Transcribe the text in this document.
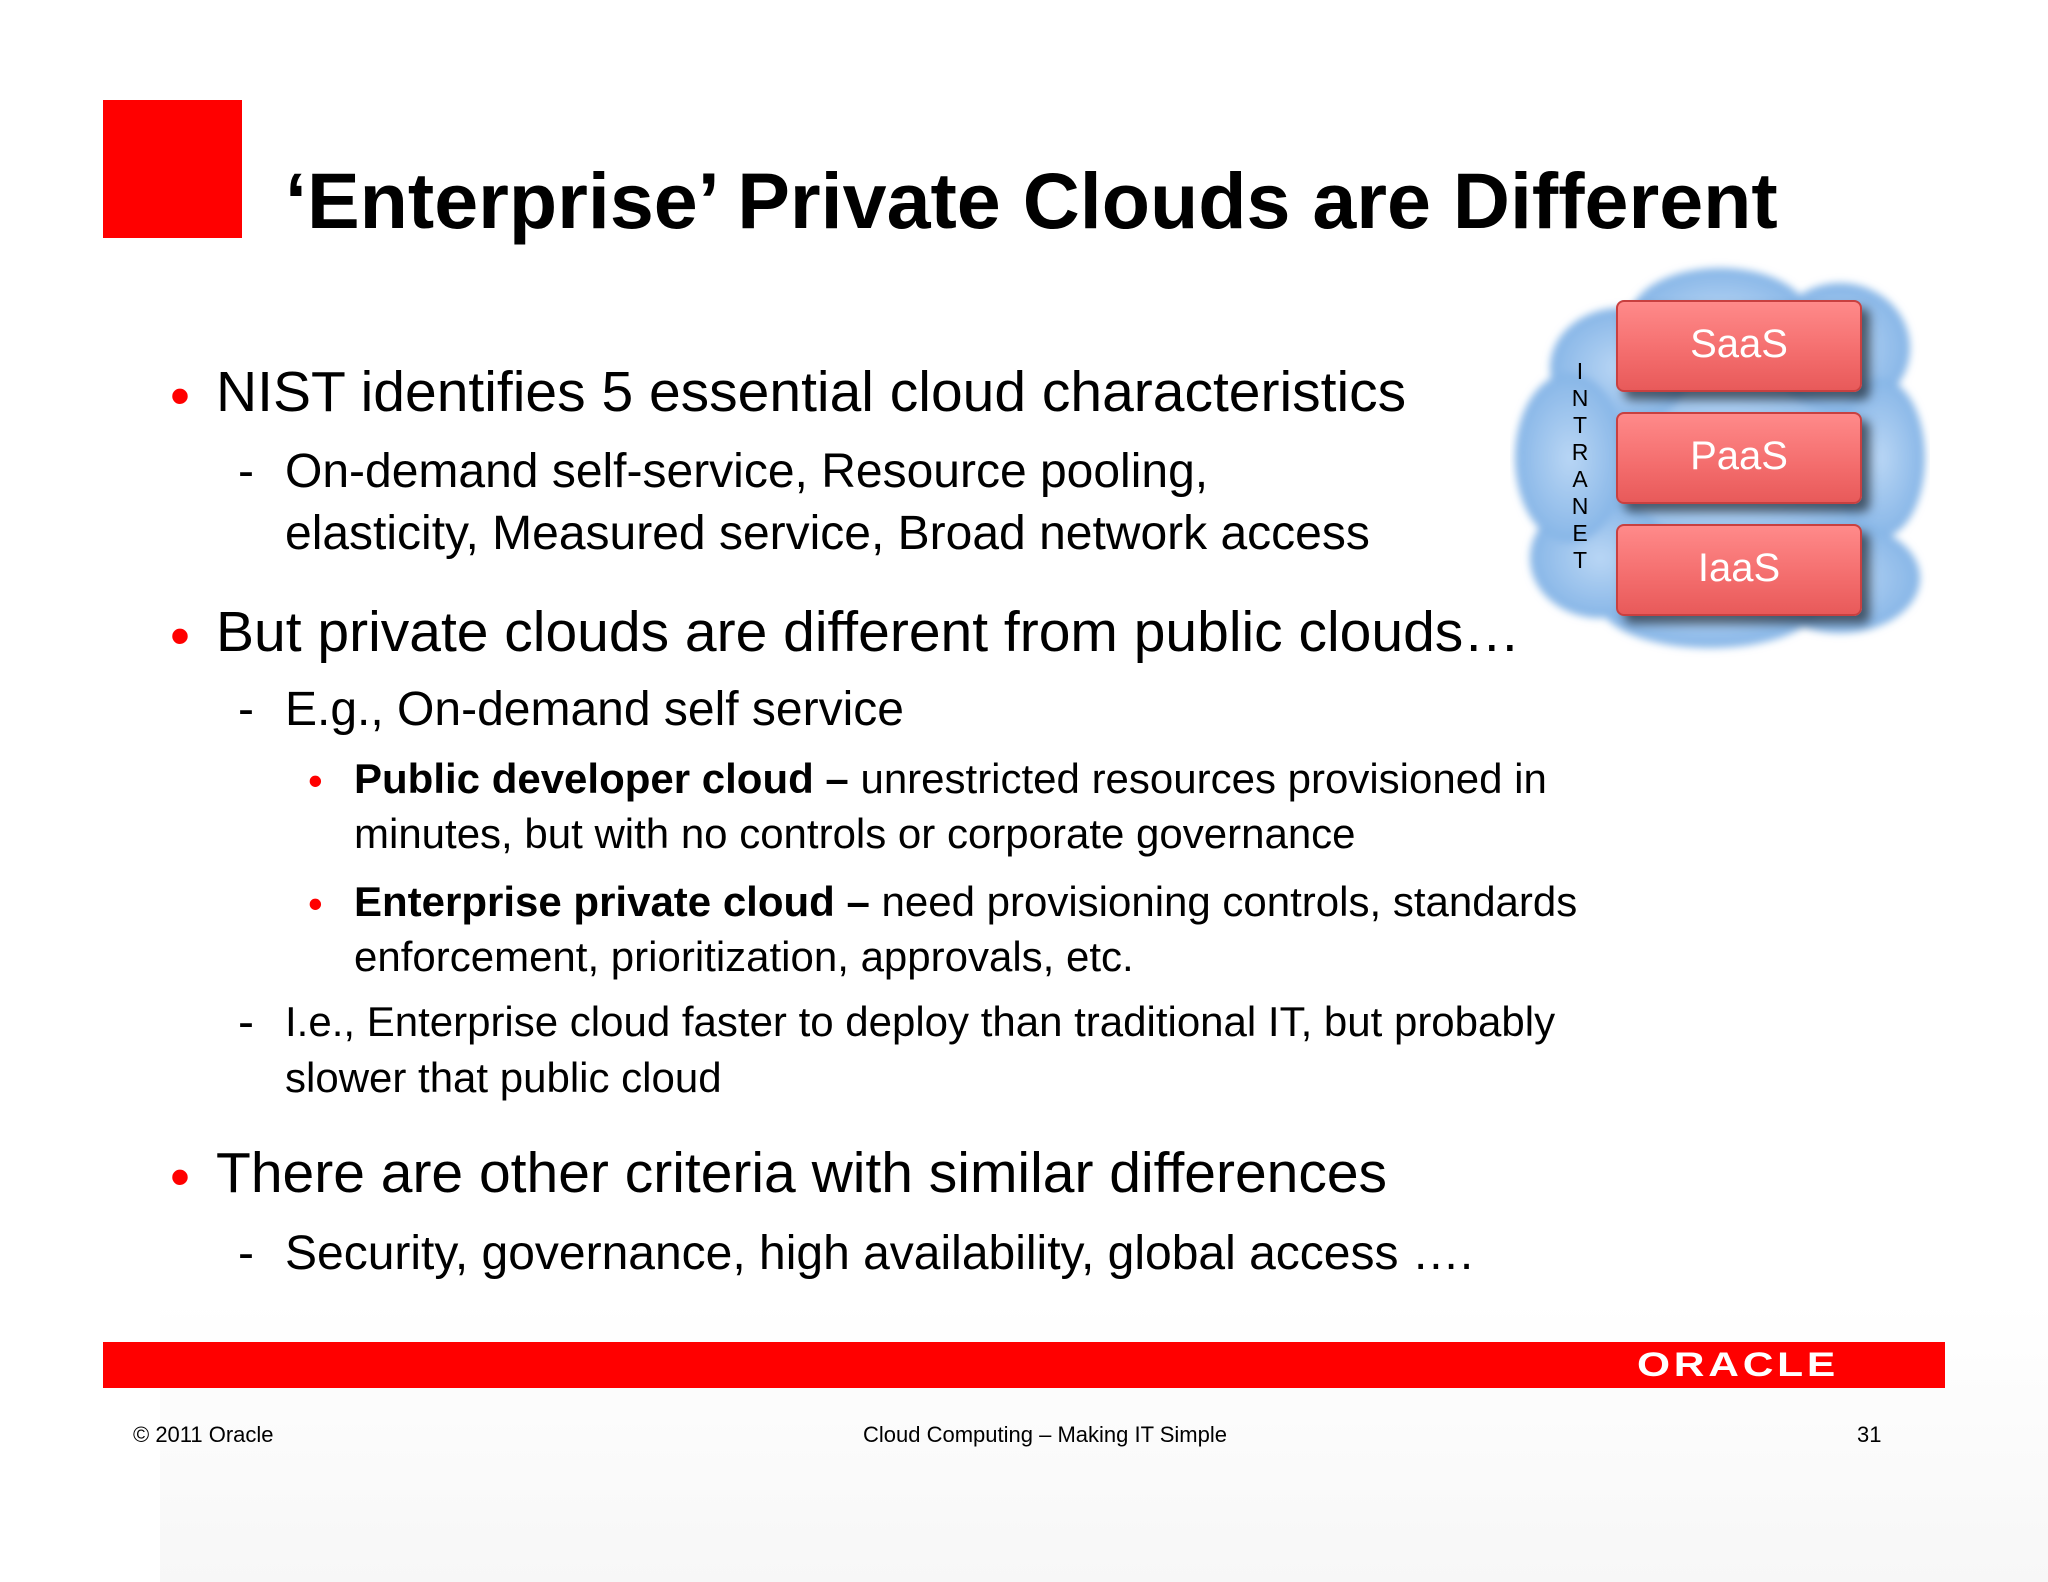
‘Enterprise’ Private Clouds are Different
• NIST identifies 5 essential cloud characteristics
- On-demand self-service, Resource pooling,
elasticity, Measured service, Broad network access
• But private clouds are different from public clouds…
- E.g., On-demand self service
• Public developer cloud – unrestricted resources provisioned in
minutes, but with no controls or corporate governance
• Enterprise private cloud – need provisioning controls, standards
enforcement, prioritization, approvals, etc.
- I.e., Enterprise cloud faster to deploy than traditional IT, but probably
slower that public cloud
• There are other criteria with similar differences
- Security, governance, high availability, global access ….
I
N
T
R
A
N
E
T
SaaS
PaaS
IaaS
ORACLE
© 2011 Oracle	Cloud Computing – Making IT Simple	31
